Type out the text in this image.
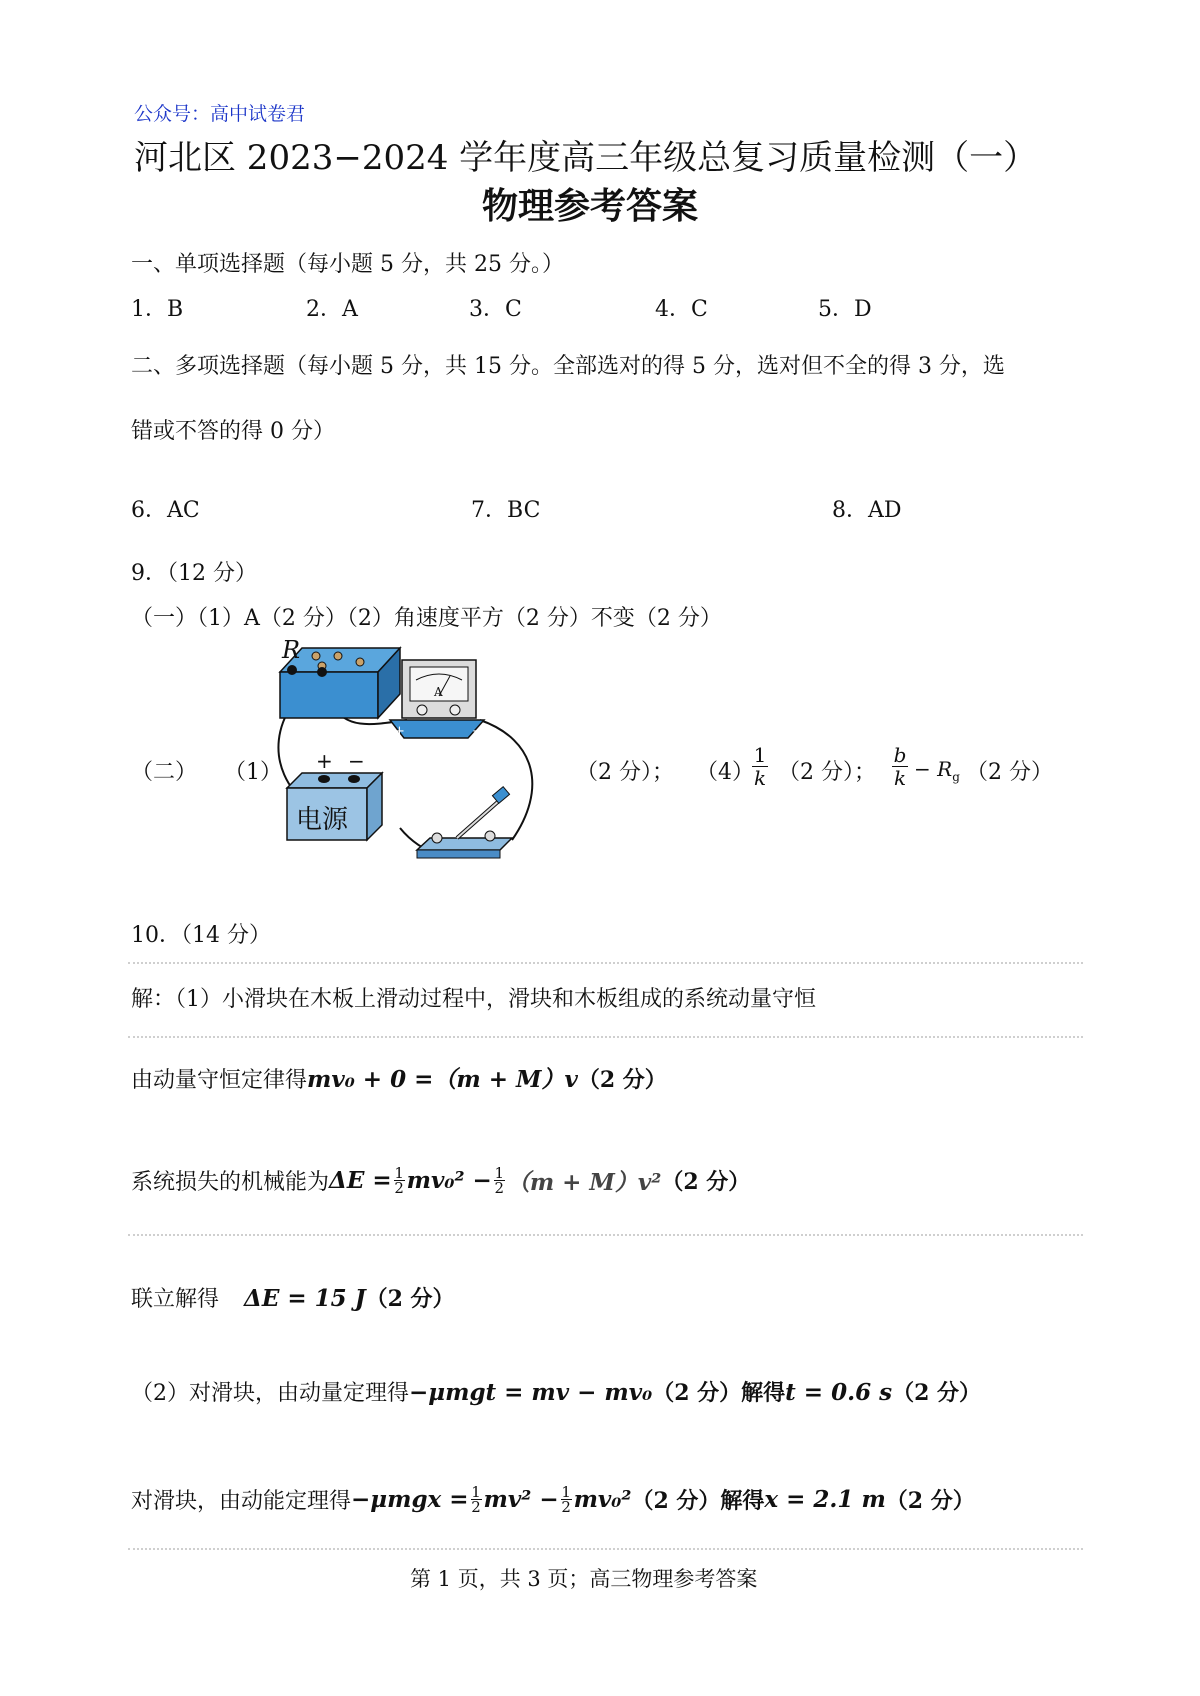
公众号：高中试卷君
河北区 2023−2024 学年度高三年级总复习质量检测（一）
物理参考答案
一、单项选择题（每小题 5 分，共 25 分。）
1．B	2．A	3．C	4．C	5．D
二、多项选择题（每小题 5 分，共 15 分。全部选对的得 5 分，选对但不全的得 3 分，选
错或不答的得 0 分）
6．AC	7．BC	8．AD
9．（12 分）
（一）（1）A（2 分）（2）角速度平方（2 分）不变（2 分）
（二） （1）
R
A
+	−
+ −
电源
（2 分）； （4）
1
k （2 分）；
b
$k - R_g$ （2 分）
10．（14 分）
解：（1）小滑块在木板上滑动过程中，滑块和木板组成的系统动量守恒
由动量守恒定律得mv₀ + 0 =（m + M）v（2 分）
系统损失的机械能为 $\Delta E = \frac{1}{2} mv_0^2 - \frac{1}{2} (m + M)v^2$ （2 分）
联立解得 ΔE = 15 J（2 分）
（2）对滑块，由动量定理得−μmgt = mv − mv₀（2 分）解得t = 0.6 s（2 分）
对滑块，由动能定理得 $-\mu mgx = \frac{1}{2} mv^2 - \frac{1}{2} mv_0^2$ （2 分）解得 x = 2.1 m （2 分）
第 1 页，共 3 页；高三物理参考答案
